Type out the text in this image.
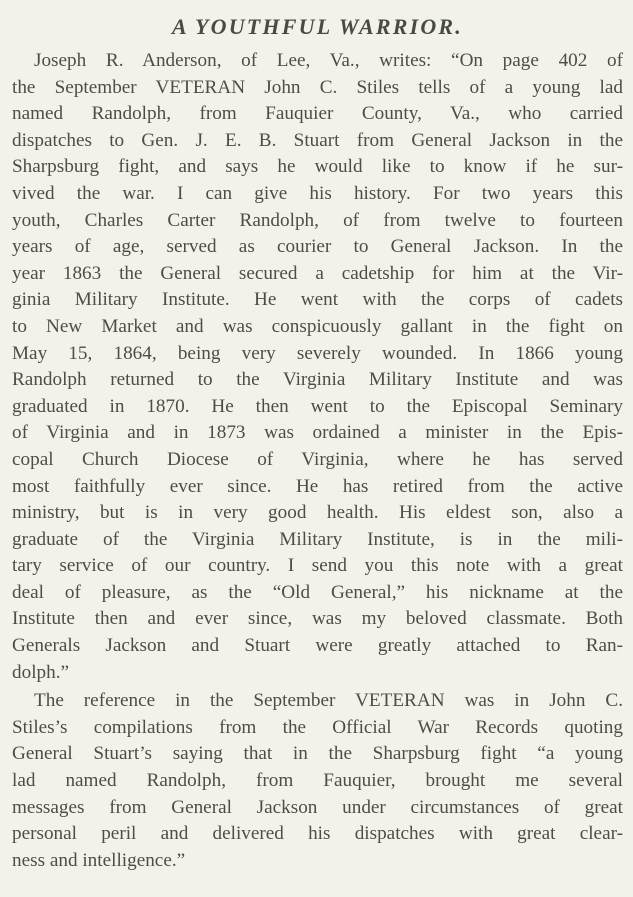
A YOUTHFUL WARRIOR.
Joseph R. Anderson, of Lee, Va., writes: “On page 402 of
the September VETERAN John C. Stiles tells of a young lad
named Randolph, from Fauquier County, Va., who carried
dispatches to Gen. J. E. B. Stuart from General Jackson in the
Sharpsburg fight, and says he would like to know if he sur-
vived the war. I can give his history. For two years this
youth, Charles Carter Randolph, of from twelve to fourteen
years of age, served as courier to General Jackson. In the
year 1863 the General secured a cadetship for him at the Vir-
ginia Military Institute. He went with the corps of cadets
to New Market and was conspicuously gallant in the fight on
May 15, 1864, being very severely wounded. In 1866 young
Randolph returned to the Virginia Military Institute and was
graduated in 1870. He then went to the Episcopal Seminary
of Virginia and in 1873 was ordained a minister in the Epis-
copal Church Diocese of Virginia, where he has served
most faithfully ever since. He has retired from the active
ministry, but is in very good health. His eldest son, also a
graduate of the Virginia Military Institute, is in the mili-
tary service of our country. I send you this note with a great
deal of pleasure, as the “Old General,” his nickname at the
Institute then and ever since, was my beloved classmate. Both
Generals Jackson and Stuart were greatly attached to Ran-
dolph.”
The reference in the September VETERAN was in John C.
Stiles’s compilations from the Official War Records quoting
General Stuart’s saying that in the Sharpsburg fight “a young
lad named Randolph, from Fauquier, brought me several
messages from General Jackson under circumstances of great
personal peril and delivered his dispatches with great clear-
ness and intelligence.”
